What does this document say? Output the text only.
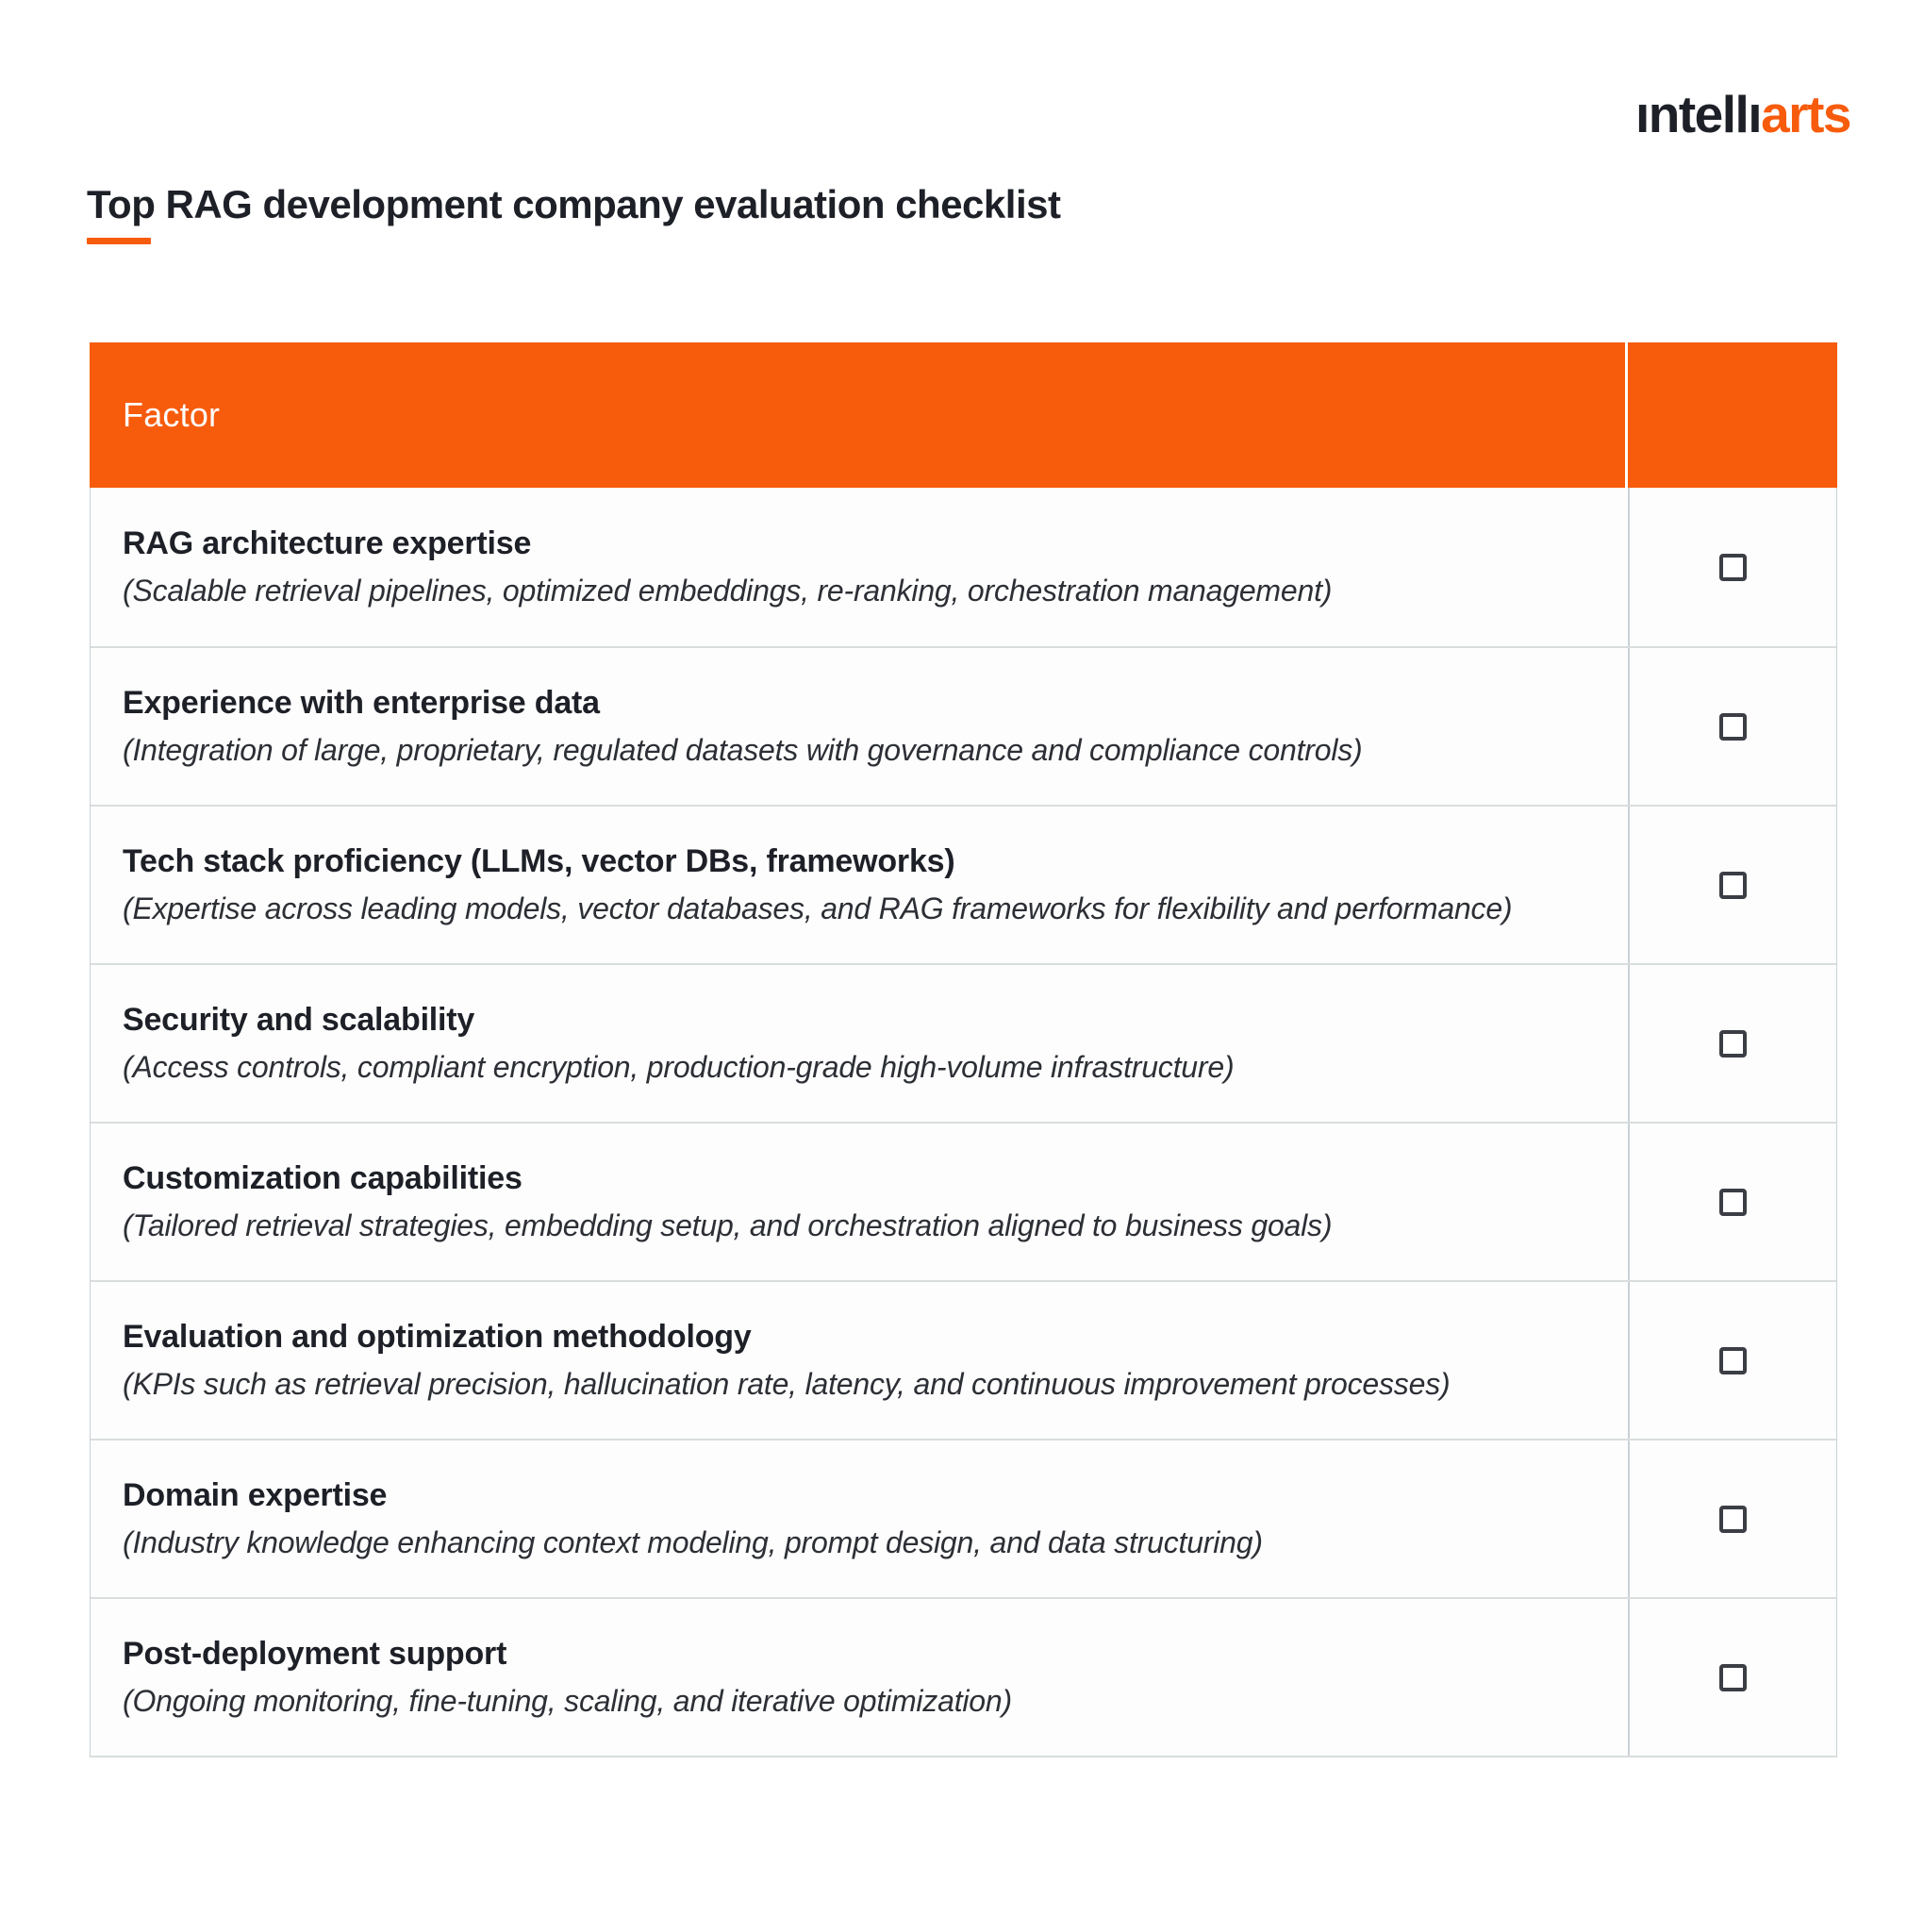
ıntellıarts
Top RAG development company evaluation checklist
Factor
RAG architecture expertise
(Scalable retrieval pipelines, optimized embeddings, re-ranking, orchestration management)
Experience with enterprise data
(Integration of large, proprietary, regulated datasets with governance and compliance controls)
Tech stack proficiency (LLMs, vector DBs, frameworks)
(Expertise across leading models, vector databases, and RAG frameworks for flexibility and performance)
Security and scalability
(Access controls, compliant encryption, production-grade high-volume infrastructure)
Customization capabilities
(Tailored retrieval strategies, embedding setup, and orchestration aligned to business goals)
Evaluation and optimization methodology
(KPIs such as retrieval precision, hallucination rate, latency, and continuous improvement processes)
Domain expertise
(Industry knowledge enhancing context modeling, prompt design, and data structuring)
Post-deployment support
(Ongoing monitoring, fine-tuning, scaling, and iterative optimization)
